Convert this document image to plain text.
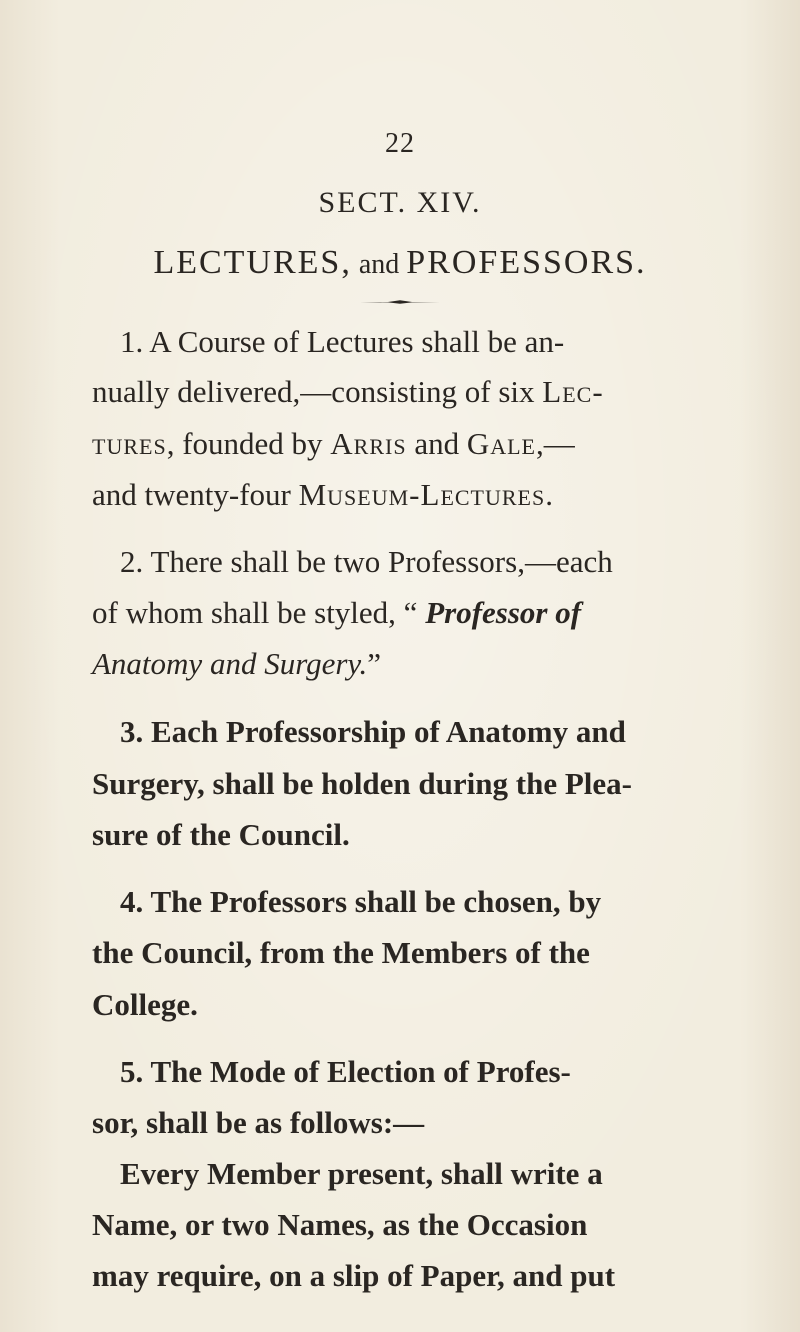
22
SECT. XIV.
LECTURES, and PROFESSORS.
1. A Course of Lectures shall be an-
nually delivered,—consisting of six Lec-
tures, founded by Arris and Gale,—
and twenty-four Museum-Lectures.
2. There shall be two Professors,—each
of whom shall be styled, “ Professor of
Anatomy and Surgery.”
3. Each Professorship of Anatomy and
Surgery, shall be holden during the Plea-
sure of the Council.
4. The Professors shall be chosen, by
the Council, from the Members of the
College.
5. The Mode of Election of Profes-
sor, shall be as follows:—
Every Member present, shall write a
Name, or two Names, as the Occasion
may require, on a slip of Paper, and put
